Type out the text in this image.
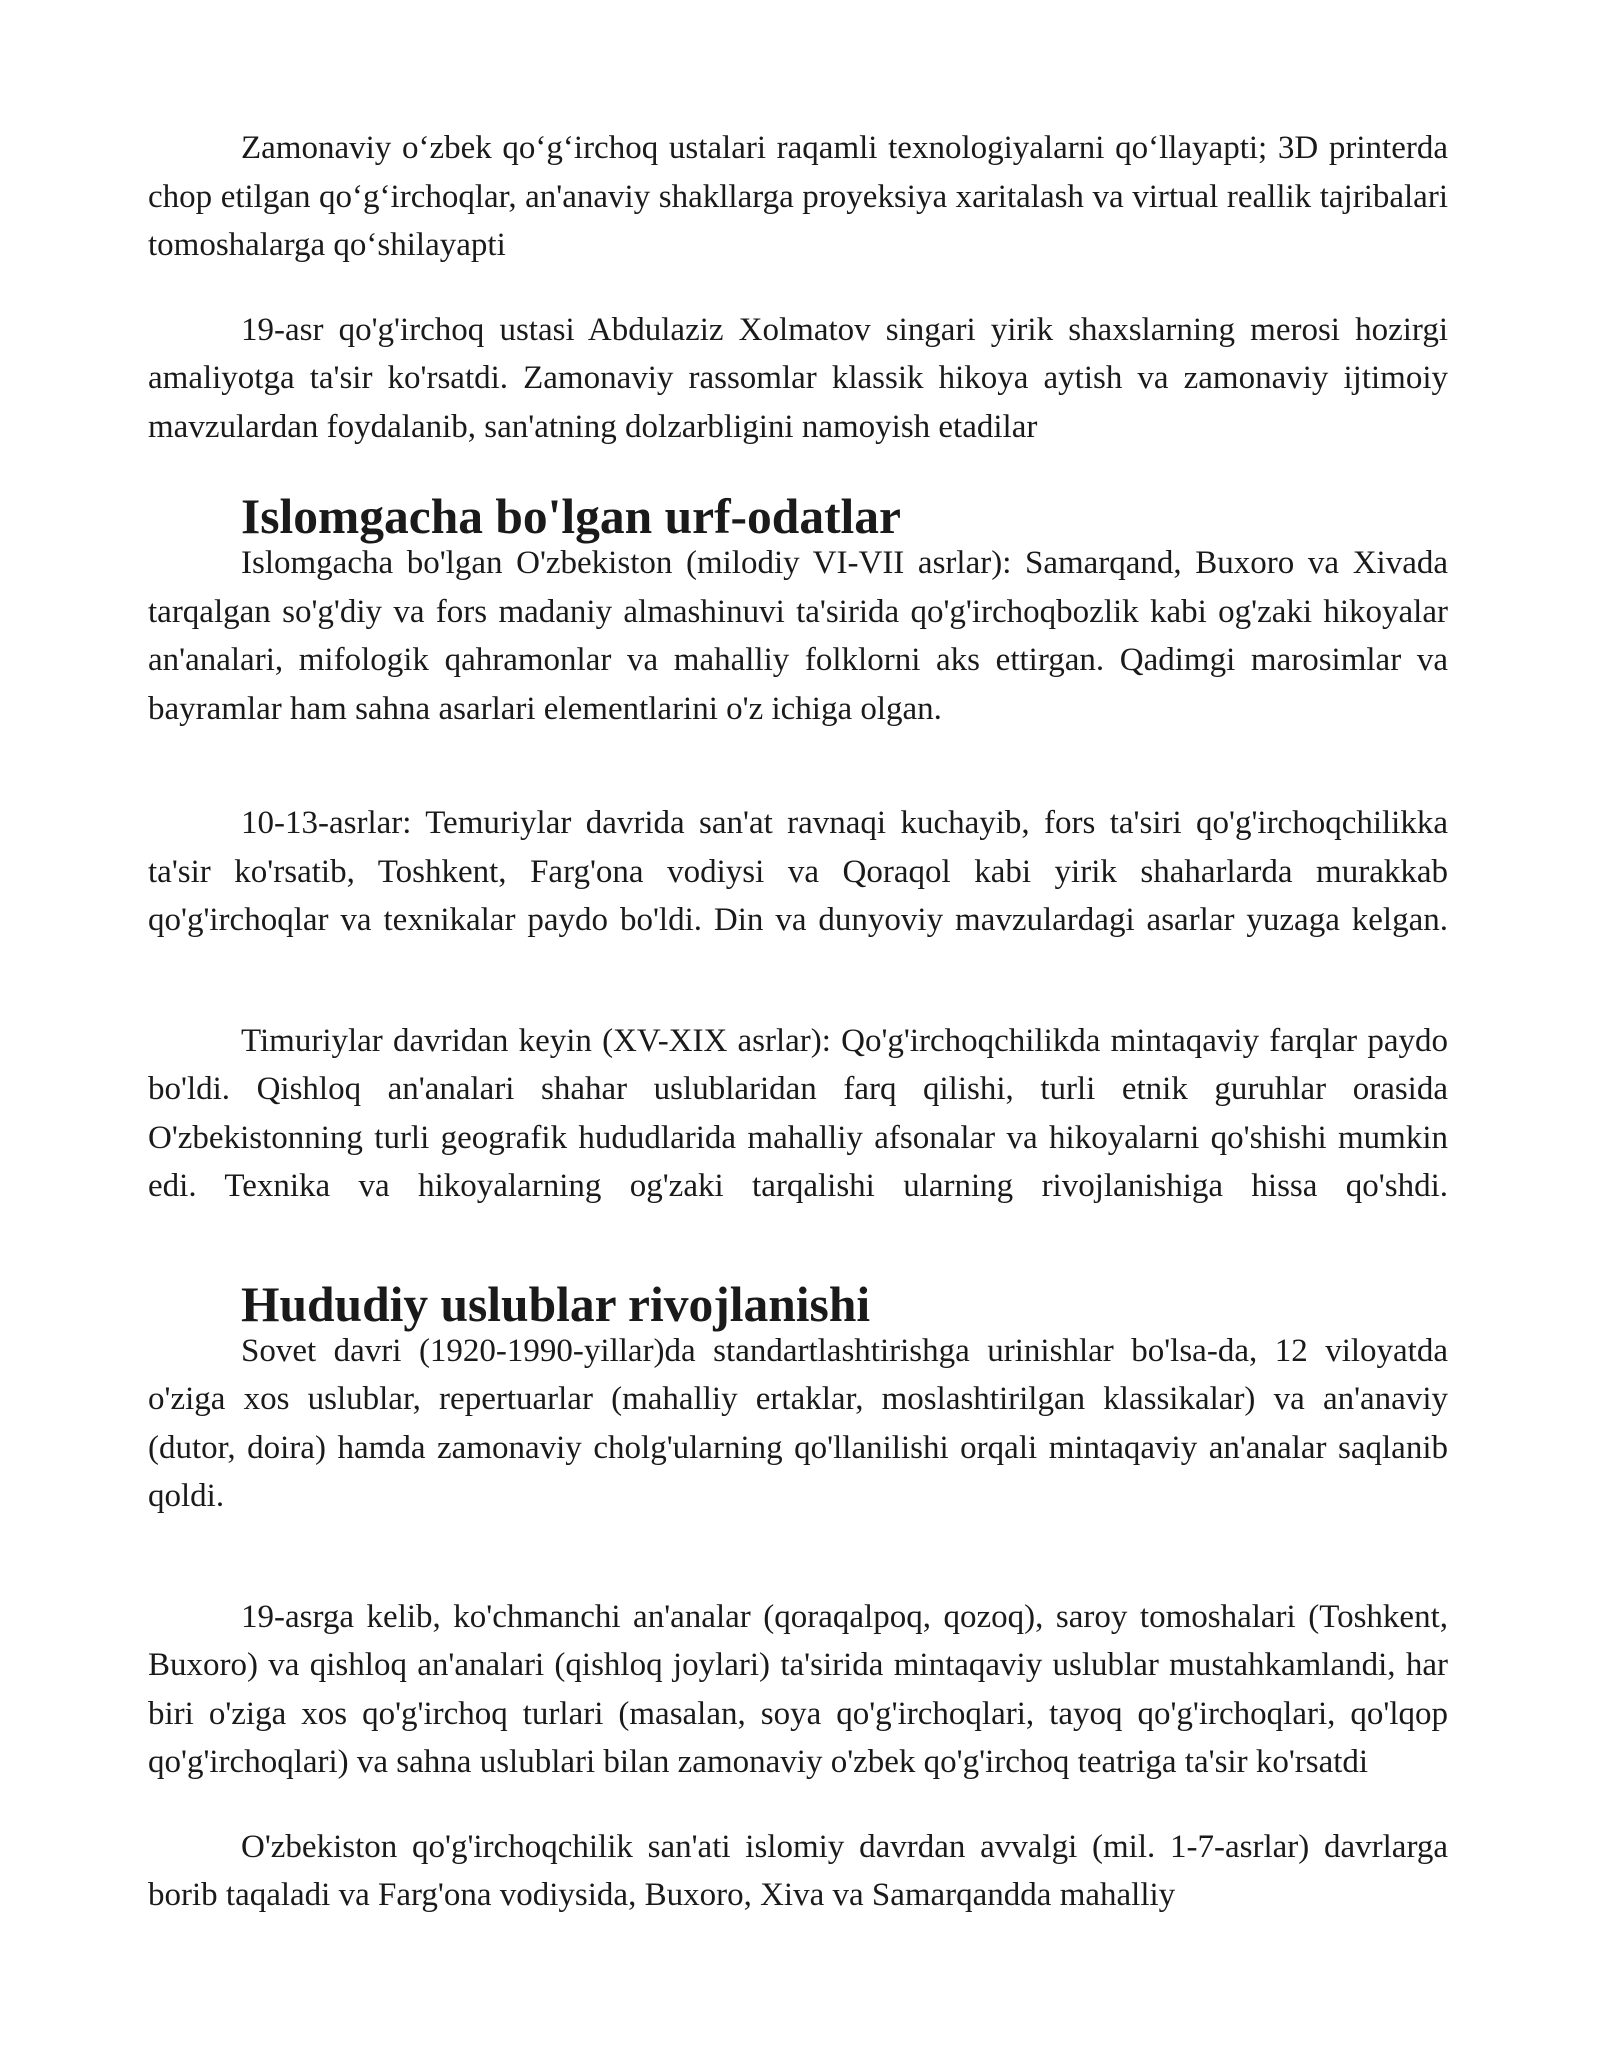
Zamonaviy o‘zbek qo‘g‘irchoq ustalari raqamli texnologiyalarni qo‘llayapti; 3D printerda chop etilgan qo‘g‘irchoqlar, an'anaviy shakllarga proyeksiya xaritalash va virtual reallik tajribalari tomoshalarga qo‘shilayapti

19-asr qo'g'irchoq ustasi Abdulaziz Xolmatov singari yirik shaxslarning merosi hozirgi amaliyotga ta'sir ko'rsatdi. Zamonaviy rassomlar klassik hikoya aytish va zamonaviy ijtimoiy mavzulardan foydalanib, san'atning dolzarbligini namoyish etadilar

Islomgacha bo'lgan urf-odatlar

Islomgacha bo'lgan O'zbekiston (milodiy VI-VII asrlar): Samarqand, Buxoro va Xivada tarqalgan so'g'diy va fors madaniy almashinuvi ta'sirida qo'g'irchoqbozlik kabi og'zaki hikoyalar an'analari, mifologik qahramonlar va mahalliy folklorni aks ettirgan. Qadimgi marosimlar va bayramlar ham sahna asarlari elementlarini o'z ichiga olgan.

10-13-asrlar: Temuriylar davrida san'at ravnaqi kuchayib, fors ta'siri qo'g'irchoqchilikka ta'sir ko'rsatib, Toshkent, Farg'ona vodiysi va Qoraqol kabi yirik shaharlarda murakkab qo'g'irchoqlar va texnikalar paydo bo'ldi. Din va dunyoviy mavzulardagi asarlar yuzaga kelgan.

Timuriylar davridan keyin (XV-XIX asrlar): Qo'g'irchoqchilikda mintaqaviy farqlar paydo bo'ldi. Qishloq an'analari shahar uslublaridan farq qilishi, turli etnik guruhlar orasida O'zbekistonning turli geografik hududlarida mahalliy afsonalar va hikoyalarni qo'shishi mumkin edi. Texnika va hikoyalarning og'zaki tarqalishi ularning rivojlanishiga hissa qo'shdi.

Hududiy uslublar rivojlanishi

Sovet davri (1920-1990-yillar)da standartlashtirishga urinishlar bo'lsa-da, 12 viloyatda o'ziga xos uslublar, repertuarlar (mahalliy ertaklar, moslashtirilgan klassikalar) va an'anaviy (dutor, doira) hamda zamonaviy cholg'ularning qo'llanilishi orqali mintaqaviy an'analar saqlanib qoldi.

19-asrga kelib, ko'chmanchi an'analar (qoraqalpoq, qozoq), saroy tomoshalari (Toshkent, Buxoro) va qishloq an'analari (qishloq joylari) ta'sirida mintaqaviy uslublar mustahkamlandi, har biri o'ziga xos qo'g'irchoq turlari (masalan, soya qo'g'irchoqlari, tayoq qo'g'irchoqlari, qo'lqop qo'g'irchoqlari) va sahna uslublari bilan zamonaviy o'zbek qo'g'irchoq teatriga ta'sir ko'rsatdi

O'zbekiston qo'g'irchoqchilik san'ati islomiy davrdan avvalgi (mil. 1-7-asrlar) davrlarga borib taqaladi va Farg'ona vodiysida, Buxoro, Xiva va Samarqandda mahalliy
